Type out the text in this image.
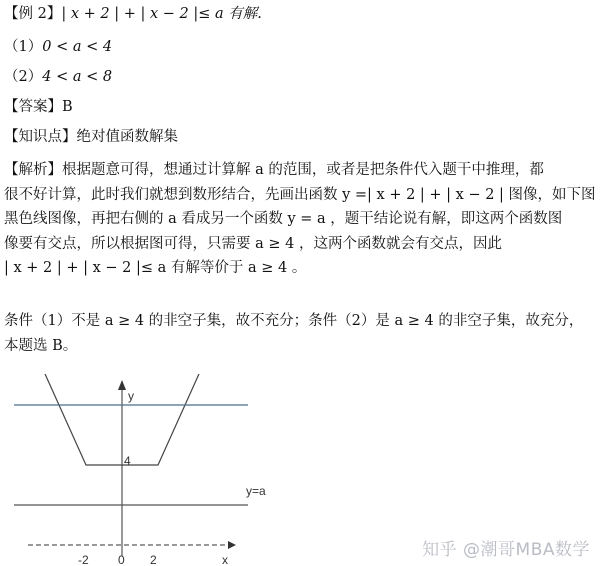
【例 2】| x + 2 | + | x − 2 |≤ a 有解.
（1）0 < a < 4
（2）4 < a < 8
【答案】B
【知识点】绝对值函数解集

【解析】根据题意可得，想通过计算解 a 的范围，或者是把条件代入题干中推理，都

很不好计算，此时我们就想到数形结合，先画出函数 y =| x + 2 | + | x − 2 | 图像，如下图

黑色线图像，再把右侧的 a 看成另一个函数 y = a ，题干结论说有解，即这两个函数图

像要有交点，所以根据图可得，只需要 a ≥ 4 ，这两个函数就会有交点，因此

| x + 2 | + | x − 2 |≤ a 有解等价于 a ≥ 4 。

条件（1）不是 a ≥ 4 的非空子集，故不充分；条件（2）是 a ≥ 4 的非空子集，故充分，

本题选 B。

y
x
-2 0 2
4
y=a
知乎 @潮哥MBA数学
